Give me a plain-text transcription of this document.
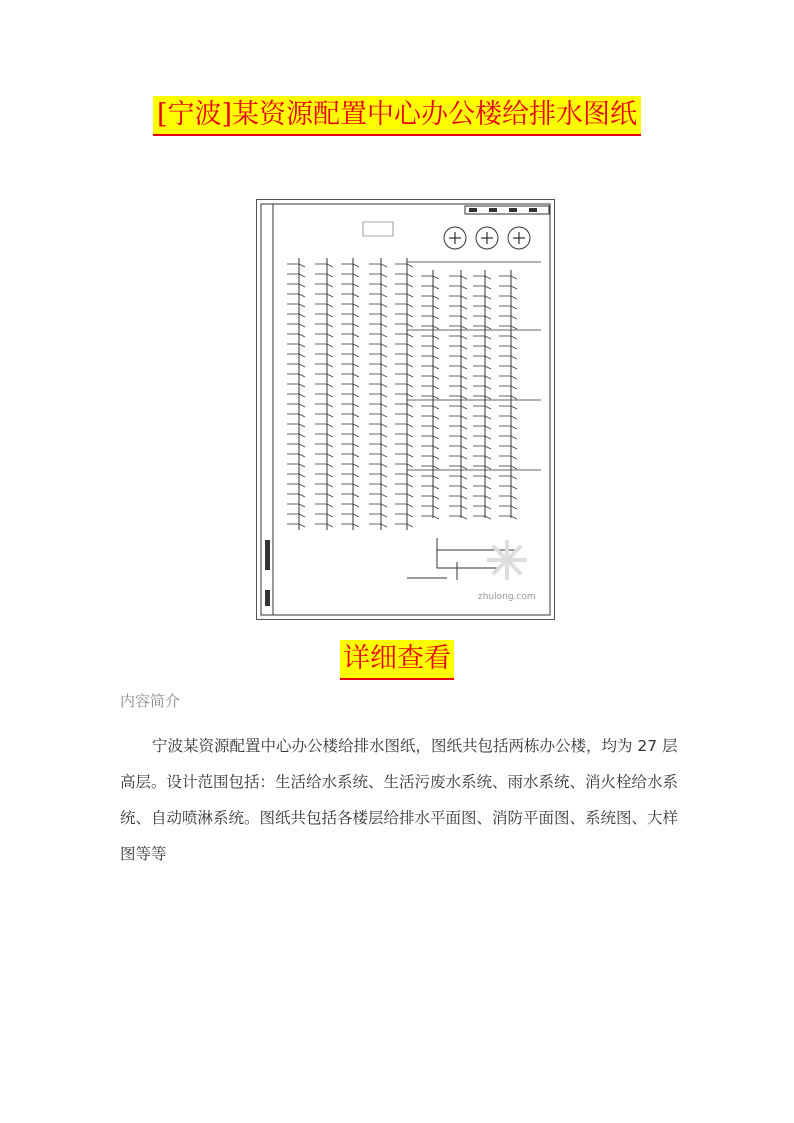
[宁波]某资源配置中心办公楼给排水图纸
zhulong.com
详细查看
内容简介
宁波某资源配置中心办公楼给排水图纸，图纸共包括两栋办公楼，均为 27 层高层。设计范围包括：生活给水系统、生活污废水系统、雨水系统、消火栓给水系统、自动喷淋系统。图纸共包括各楼层给排水平面图、消防平面图、系统图、大样图等等
